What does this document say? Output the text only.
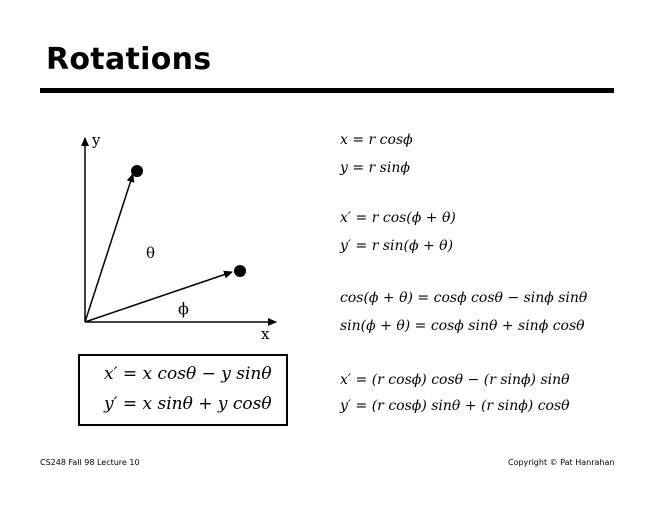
Rotations
y
x
θ
ϕ
x = r cosϕ
y = r sinϕ
x′ = r cos(ϕ + θ)
y′ = r sin(ϕ + θ)
cos(ϕ + θ) = cosϕ cosθ − sinϕ sinθ
sin(ϕ + θ) = cosϕ sinθ + sinϕ cosθ
x′ = (r cosϕ) cosθ − (r sinϕ) sinθ
y′ = (r cosϕ) sinθ + (r sinϕ) cosθ
x′ = x cosθ − y sinθ
y′ = x sinθ + y cosθ
CS248 Fall 98 Lecture 10	Copyright © Pat Hanrahan
